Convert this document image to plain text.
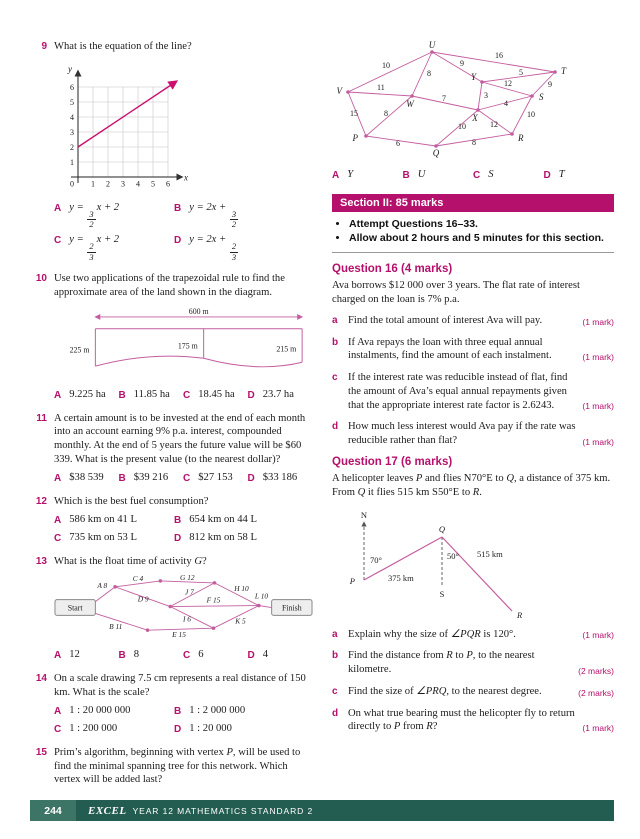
9 What is the equation of the line?

1 2 3 4 5 6
1
2
3
4
5
6
0
y
x
A y =
$\frac{3}{2}$
x + 2	B y = 2x +
$\frac{3}{2}$
C y =
$\frac{2}{3}$
x + 2	D y = 2x +
$\frac{2}{3}$
10 Use two applications of the trapezoidal rule to find the approximate area of the land shown in the diagram.

600 m
225 m	175 m	215 m
A 9.225 ha B 11.85 ha C 18.45 ha D 23.7 ha
11 A certain amount is to be invested at the end of each month into an account earning 9% p.a. interest, compounded monthly. At the end of 5 years the future value will be $60 339. What is the present value (to the nearest dollar)?

A $38 539 B $39 216 C $27 153 D $33 186
12 Which is the best fuel consumption?

A 586 km on 41 L	B 654 km on 44 L
C 735 km on 53 L	D 812 km on 58 L
13 What is the float time of activity G?

Start	Finish
A 8
B 11
C 4
D 9
E 15
F 15
G 12
H 10
I 6
J 7
K 5
L 10
A 12	B 8	C 6	D 4
14 On a scale drawing 7.5 cm represents a real distance of 150 km. What is the scale?

A 1 : 20 000 000	B 1 : 2 000 000
C 1 : 200 000	D 1 : 20 000
15 Prim’s algorithm, beginning with vertex P, will be used to find the minimal spanning tree for this network. Which vertex will be added last?

U
T
V
W
Y
X
S
P
Q
R
10
16
8
11
5
9
15
7
12
10
3
8
12
4
6
10
8
9
A Y	B U	C S	D T
Section II: 85 marks
• Attempt Questions 16–33.
• Allow about 2 hours and 5 minutes for this section.
Question 16 (4 marks)

Ava borrows $12 000 over 3 years. The flat rate of interest charged on the loan is 7% p.a.

a Find the total amount of interest Ava will pay.	(1 mark)
b If Ava repays the loan with three equal annual instalments, find the amount of each instalment.	(1 mark)
c If the interest rate was reducible instead of flat, find the amount of Ava’s equal annual repayments given that the appropriate interest rate factor is 2.6243.	(1 mark)
d How much less interest would Ava pay if the rate was reducible rather than flat?	(1 mark)
Question 17 (6 marks)

A helicopter leaves P and flies N70°E to Q, a distance of 375 km. From Q it flies 515 km S50°E to R.

N
S
P
Q
R
70°	50°
375 km
515 km
a Explain why the size of ∠PQR is 120°.	(1 mark)
b Find the distance from R to P, to the nearest kilometre.	(2 marks)
c Find the size of ∠PRQ, to the nearest degree.	(2 marks)
d On what true bearing must the helicopter fly to return directly to P from R?	(1 mark)
244	EXCEL YEAR 12 MATHEMATICS STANDARD 2
